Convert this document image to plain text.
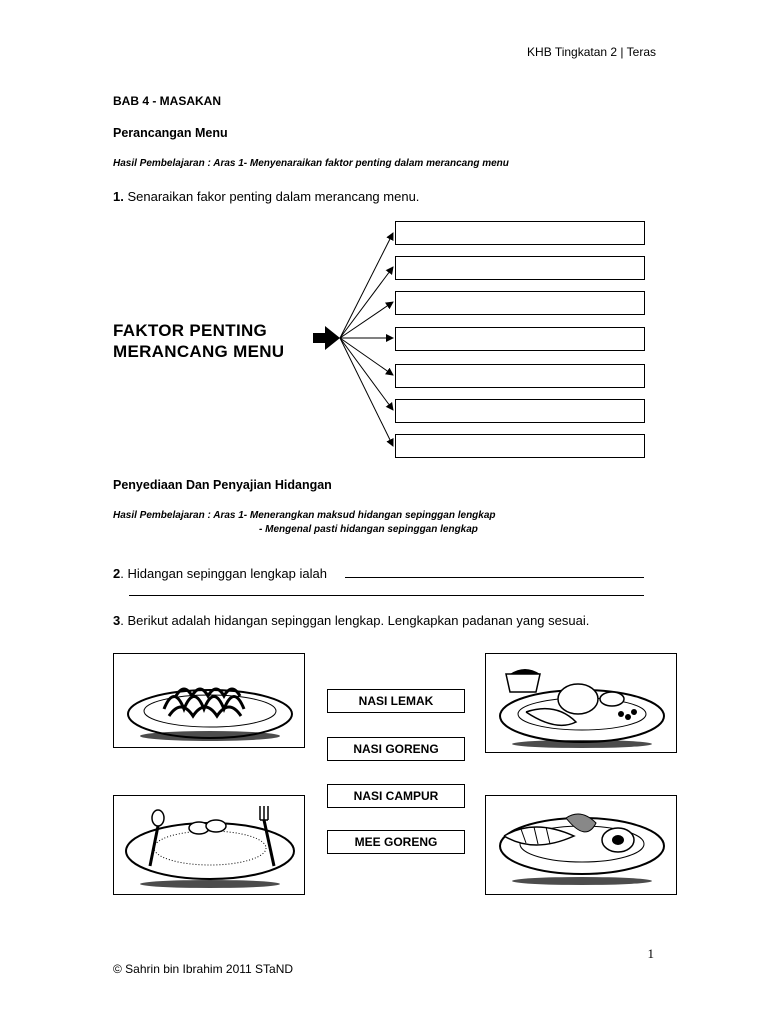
KHB Tingkatan 2 | Teras
BAB 4 - MASAKAN
Perancangan Menu
Hasil Pembelajaran : Aras 1- Menyenaraikan faktor penting dalam merancang menu
1. Senaraikan fakor penting dalam merancang menu.
FAKTOR PENTING
MERANCANG MENU
Penyediaan Dan Penyajian Hidangan
Hasil Pembelajaran : Aras 1- Menerangkan maksud hidangan sepinggan lengkap
- Mengenal pasti hidangan sepinggan lengkap
2. Hidangan sepinggan lengkap ialah
3. Berikut adalah hidangan sepinggan lengkap. Lengkapkan padanan yang sesuai.
NASI LEMAK
NASI GORENG
NASI CAMPUR
MEE GORENG
1
© Sahrin bin Ibrahim 2011 STaND
